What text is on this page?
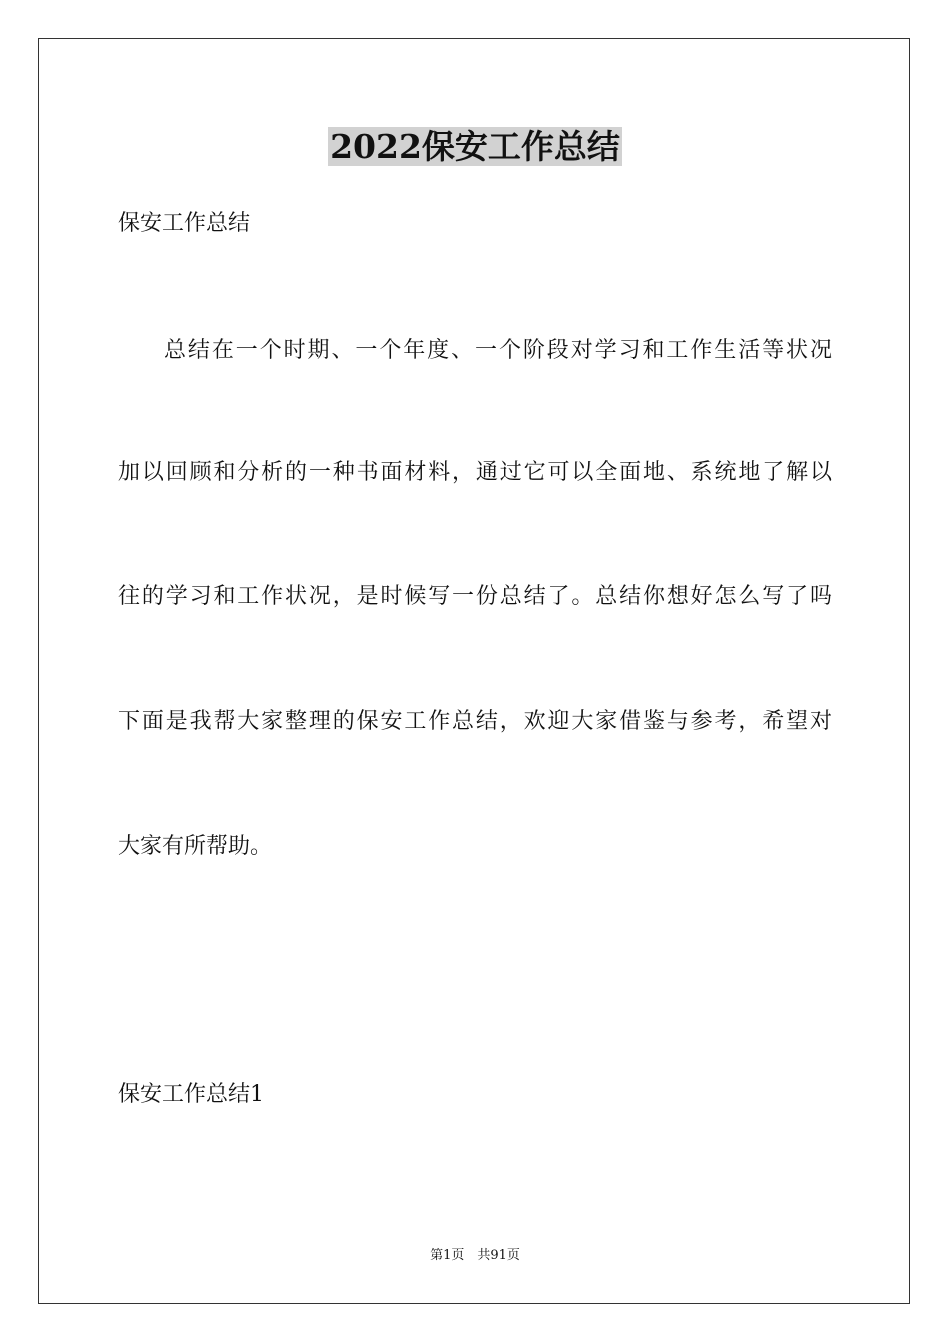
2022保安工作总结

保安工作总结

总结在一个时期、一个年度、一个阶段对学习和工作生活等状况

加以回顾和分析的一种书面材料，通过它可以全面地、系统地了解以

往的学习和工作状况，是时候写一份总结了。总结你想好怎么写了吗

下面是我帮大家整理的保安工作总结，欢迎大家借鉴与参考，希望对

大家有所帮助。

保安工作总结1

第1页　共91页
